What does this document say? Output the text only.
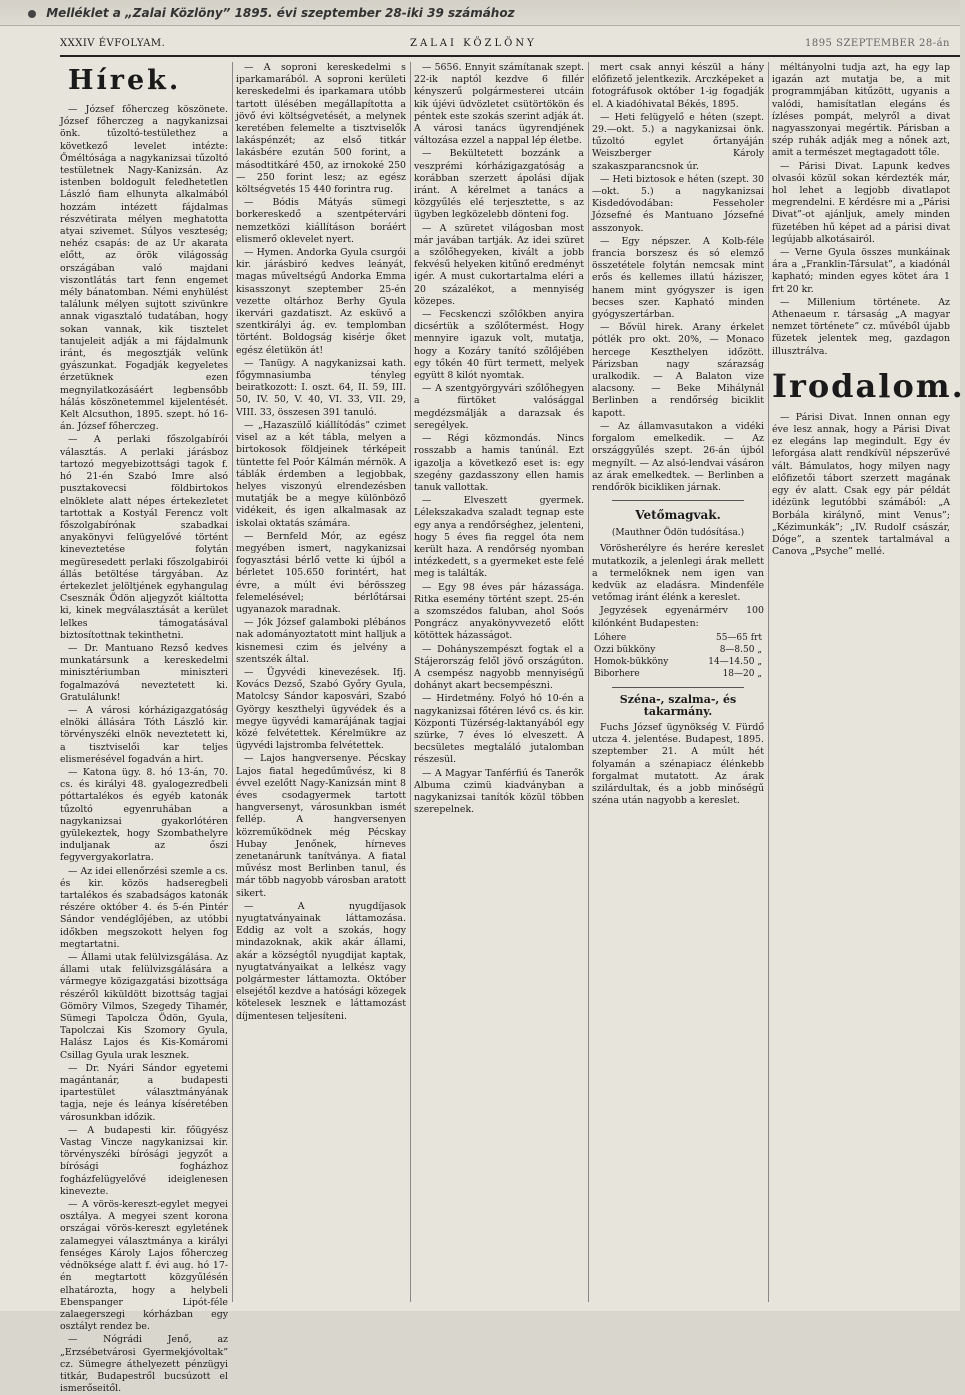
Melléklet a „Zalai Közlöny” 1895. évi szeptember 28-iki 39 számához
XXXIV ÉVFOLYAM.	ZALAI KÖZLÖNY	1895 SZEPTEMBER 28-án
Hírek.

— József főherczeg köszönete. József főherczeg a nagykanizsai önk. tűzoltó-testülethez a következő levelet intézte: Őméltósága a nagykanizsai tűzoltó testületnek Nagy-Kanizsán. Az istenben boldogult feledhetetlen László fiam elhunyta alkalmából hozzám intézett fájdalmas részvétirata mélyen meghatotta atyai szivemet. Súlyos veszteség; nehéz csapás: de az Ur akarata előtt, az örök világosság országában való majdani viszontlátás tart fenn engemet mély bánatomban. Némi enyhülést találunk mélyen sujtott szivünkre annak vigasztaló tudatában, hogy sokan vannak, kik tisztelet tanujeleit adják a mi fájdalmunk iránt, és megosztják velünk gyászunkat. Fogadják kegyeletes érzetüknek ezen megnyilatkozásáért legbensőbb hálás köszönetemmel kijelentését. Kelt Alcsuthon, 1895. szept. hó 16-án. József főherczeg.

— A perlaki főszolgabírói választás. A perlaki járásboz tartozó megyebizottsági tagok f. hó 21-én Szabó Imre alsó pusztakovecsi földbirtokos elnöklete alatt népes értekezletet tartottak a Kostyál Ferencz volt főszolgabírónak szabadkai anyakönyvi felügyelővé történt kineveztetése folytán megüresedett perlaki főszolgabirói állás betöltése tárgyában. Az értekezlet jelöltjének egyhangulag Csesznák Ödön aljegyzőt kiáltotta ki, kinek megválasztását a kerület lelkes támogatásával biztosítottnak tekinthetni.

— Dr. Mantuano Rezső kedves munkatársunk a kereskedelmi minisztériumban miniszteri fogalmazóvá neveztetett ki. Gratulálunk!

— A városi kórházigazgatóság elnöki állására Tóth László kir. törvényszéki elnök neveztetett ki, a tisztviselői kar teljes elismerésével fogadván a hirt.

— Katona ügy. 8. hó 13-án, 70. cs. és királyi 48. gyalogezredbeli póttartalékos és egyéb katonák tűzoltó egyenruhában a nagykanizsai gyakorlótéren gyülekeztek, hogy Szombathelyre induljanak az őszi fegyvergyakorlatra.

— Az idei ellenőrzési szemle a cs. és kir. közös hadseregbeli tartalékos és szabadságos katonák részére október 4. és 5-én Pintér Sándor vendéglőjében, az utóbbi időkben megszokott helyen fog megtartatni.

— Állami utak felülvizsgálása. Az állami utak felülvizsgálására a vármegye közigazgatási bizottsága részéről kiküldött bizottság tagjai Gömöry Vilmos, Szegedy Tihamér, Sümegi Tapolcza Ödön, Gyula, Tapolczai Kis Szomory Gyula, Halász Lajos és Kis-Komáromi Csillag Gyula urak lesznek.

— Dr. Nyári Sándor egyetemi magántanár, a budapesti ipartestület választmányának tagja, neje és leánya kíséretében városunkban időzik.

— A budapesti kir. főügyész Vastag Vincze nagykanizsai kir. törvényszéki bírósági jegyzőt a bírósági fogházhoz fogházfelügyelővé ideiglenesen kinevezte.

— A vörös-kereszt-egylet megyei osztálya. A megyei szent korona országai vörös-kereszt egyletének zalamegyei választmánya a királyi fenséges Károly Lajos főherczeg védnöksége alatt f. évi aug. hó 17-én megtartott közgyűlésén elhatározta, hogy a helybeli Ebenspanger Lipót-féle zalaegerszegi kórházban egy osztályt rendez be.

— Nógrádi Jenő, az „Erzsébetvárosi Gyermekjóvoltak” cz. Sümegre áthelyezett pénzügyi titkár, Budapestről bucsúzott el ismerőseitől.

— A soproni kereskedelmi s iparkamarából. A soproni kerületi kereskedelmi és iparkamara utóbb tartott ülésében megállapította a jövő évi költségvetését, a melynek keretében felemelte a tisztviselők lakáspénzét; az első titkár lakásbére ezután 500 forint, a másodtitkáré 450, az irnokoké 250 — 250 forint lesz; az egész költségvetés 15 440 forintra rug.

— Bódis Mátyás sümegi borkereskedő a szentpétervári nemzetközi kiállításon boráért elismerő oklevelet nyert.

— Hymen. Andorka Gyula csurgói kir. járásbiró kedves leányát, magas műveltségű Andorka Emma kisasszonyt szeptember 25-én vezette oltárhoz Berhy Gyula ikervári gazdatiszt. Az esküvő a szentkirályi ág. ev. templomban történt. Boldogság kisérje őket egész életükön át!

— Tanügy. A nagykanizsai kath. főgymnasiumba tényleg beiratkozott: I. oszt. 64, II. 59, III. 50, IV. 50, V. 40, VI. 33, VII. 29, VIII. 33, összesen 391 tanuló.

— „Hazaszülő kiállítódás” czimet visel az a két tábla, melyen a birtokosok földjeinek térképeit tüntette fel Poór Kálmán mérnök. A táblák érdemben a legjobbak, helyes viszonyú elrendezésben mutatják be a megye különböző vidékeit, és igen alkalmasak az iskolai oktatás számára.

— Bernfeld Mór, az egész megyében ismert, nagykanizsai fogyasztási bérlő vette ki újból a bérletet 105.650 forintért, hat évre, a múlt évi bérösszeg felemelésével; bérlőtársai ugyanazok maradnak.

— Jók József galamboki plébános nak adományoztatott mint halljuk a kisnemesi czim és jelvény a szentszék által.

— Ügyvédi kinevezések. Ifj. Kovács Dezső, Szabó Győry Gyula, Matolcsy Sándor kaposvári, Szabó György keszthelyi ügyvédek és a megye ügyvédi kamarájának tagjai közé felvétettek. Kérelmükre az ügyvédi lajstromba felvétettek.

— Lajos hangversenye. Pécskay Lajos fiatal hegedűművész, ki 8 évvel ezelőtt Nagy-Kanizsán mint 8 éves csodagyermek tartott hangversenyt, városunkban ismét fellép. A hangversenyen közreműködnek még Pécskay Hubay Jenőnek, hírneves zenetanárunk tanítványa. A fiatal művész most Berlinben tanul, és már több nagyobb városban aratott sikert.

— A nyugdíjasok nyugtatványainak láttamozása. Eddig az volt a szokás, hogy mindazoknak, akik akár állami, akár a községtől nyugdijat kaptak, nyugtatványaikat a lelkész vagy polgármester láttamozta. Október elsejétől kezdve a hatósági közegek kötelesek lesznek e láttamozást díjmentesen teljesíteni.

— 5656. Ennyit számítanak szept. 22-ik naptól kezdve 6 fillér kényszerű polgármesterei utcáin kik újévi üdvözletet csütörtökön és péntek este szokás szerint adják át. A városi tanács ügyrendjének változása ezzel a nappal lép életbe.

— Bekültetett bozzánk a veszprémi kórházigazgatóság a korábban szerzett ápolási díjak iránt. A kérelmet a tanács a közgyűlés elé terjesztette, s az ügyben legközelebb dönteni fog.

— A szüretet világosban most már javában tartják. Az idei szüret a szőlőhegyeken, kivált a jobb fekvésű helyeken kitűnő eredményt igér. A must cukortartalma eléri a 20 százalékot, a mennyiség közepes.

— Fecskenczi szőlőkben anyira dicsértük a szőlőtermést. Hogy mennyire igazuk volt, mutatja, hogy a Kozáry tanító szőlőjében egy tőkén 40 fürt termett, melyek együtt 8 kilót nyomtak.

— A szentgyörgyvári szőlőhegyen a fürtöket valósággal megdézsmálják a darazsak és seregélyek.

— Régi közmondás. Nincs rosszabb a hamis tanúnál. Ezt igazolja a következő eset is: egy szegény gazdasszony ellen hamis tanuk vallottak.

— Elveszett gyermek. Lélekszakadva szaladt tegnap este egy anya a rendőrséghez, jelenteni, hogy 5 éves fia reggel óta nem került haza. A rendőrség nyomban intézkedett, s a gyermeket este felé meg is találták.

— Egy 98 éves pár házassága. Ritka esemény történt szept. 25-én a szomszédos faluban, ahol Soós Pongrácz anyakönyvvezető előtt kötöttek házasságot.

— Dohányszempészt fogtak el a Stájerország felől jövő országúton. A csempész nagyobb mennyiségű dohányt akart becsempészni.

— Hirdetmény. Folyó hó 10-én a nagykanizsai főtéren lévő cs. és kir. Központi Tüzérség-laktanyából egy szürke, 7 éves ló elveszett. A becsületes megtaláló jutalomban részesül.

— A Magyar Tanférfiú és Tanerők Albuma czimü kiadványban a nagykanizsai tanítók közül többen szerepelnek.

mert csak annyi készül a hány előfizető jelentkezik. Arczképeket a fotográfusok október 1-ig fogadják el. A kiadóhivatal Békés, 1895.

— Heti felügyelő e héten (szept. 29.—okt. 5.) a nagykanizsai önk. tűzoltó egylet őrtanyáján Weiszberger Károly szakaszparancsnok úr.

— Heti biztosok e héten (szept. 30—okt. 5.) a nagykanizsai Kisdedóvodában: Fesseholer Józsefné és Mantuano Józsefné asszonyok.

— Egy népszer. A Kolb-féle francia borszesz és só elemző összetétele folytán nemcsak mint erős és kellemes illatú háziszer, hanem mint gyógyszer is igen becses szer. Kapható minden gyógyszertárban.

— Bővül hirek. Arany érkelet pótlék pro okt. 20%, — Monaco hercege Keszthelyen időzött. Párizsban nagy szárazság uralkodik. — A Balaton vize alacsony. — Beke Mihálynál Berlinben a rendőrség biciklit kapott.

— Az államvasutakon a vidéki forgalom emelkedik. — Az országgyűlés szept. 26-án újból megnyílt. — Az alsó-lendvai vásáron az árak emelkedtek. — Berlinben a rendőrök bicikliken járnak.

Vetőmagvak.
(Mauthner Ödön tudósítása.)

Vörösherélyre és herére kereslet mutatkozik, a jelenlegi árak mellett a termelőknek nem igen van kedvük az eladásra. Mindenféle vetőmag iránt élénk a kereslet.

Jegyzések egyenármérv 100 kilónként Budapesten:

Lóhere	55—65 frt
Ozzi bükköny	8—8.50 „
Homok-bükköny	14—14.50 „
Biborhere	18—20 „
Széna-, szalma-, és takarmány.

Fuchs József ügynökség V. Fürdő utcza 4. jelentése. Budapest, 1895. szeptember 21. A múlt hét folyamán a szénapiacz élénkebb forgalmat mutatott. Az árak szilárdultak, és a jobb minőségű széna után nagyobb a kereslet.

méltányolni tudja azt, ha egy lap igazán azt mutatja be, a mit programmjában kitűzött, ugyanis a valódi, hamisítatlan elegáns és ízléses pompát, melyről a divat nagyasszonyai megértik. Párisban a szép ruhák adják meg a nőnek azt, amit a természet megtagadott tőle.

— Párisi Divat. Lapunk kedves olvasói közül sokan kérdezték már, hol lehet a legjobb divatlapot megrendelni. E kérdésre mi a „Párisi Divat”-ot ajánljuk, amely minden füzetében hű képet ad a párisi divat legújabb alkotásairól.

— Verne Gyula összes munkáinak ára a „Franklin-Társulat”, a kiadónál kapható; minden egyes kötet ára 1 frt 20 kr.

— Millenium története. Az Athenaeum r. társaság „A magyar nemzet története” cz. művéből újabb füzetek jelentek meg, gazdagon illusztrálva.

Irodalom.

— Párisi Divat. Innen onnan egy éve lesz annak, hogy a Párisi Divat ez elegáns lap megindult. Egy év leforgása alatt rendkívül népszerűvé vált. Bámulatos, hogy milyen nagy előfizetői tábort szerzett magának egy év alatt. Csak egy pár példát idézünk legutóbbi számából: „A Borbála királynő, mint Venus”; „Kézimunkák”; „IV. Rudolf császár, Dóge”, a szentek tartalmával a Canova „Psyche” mellé.
